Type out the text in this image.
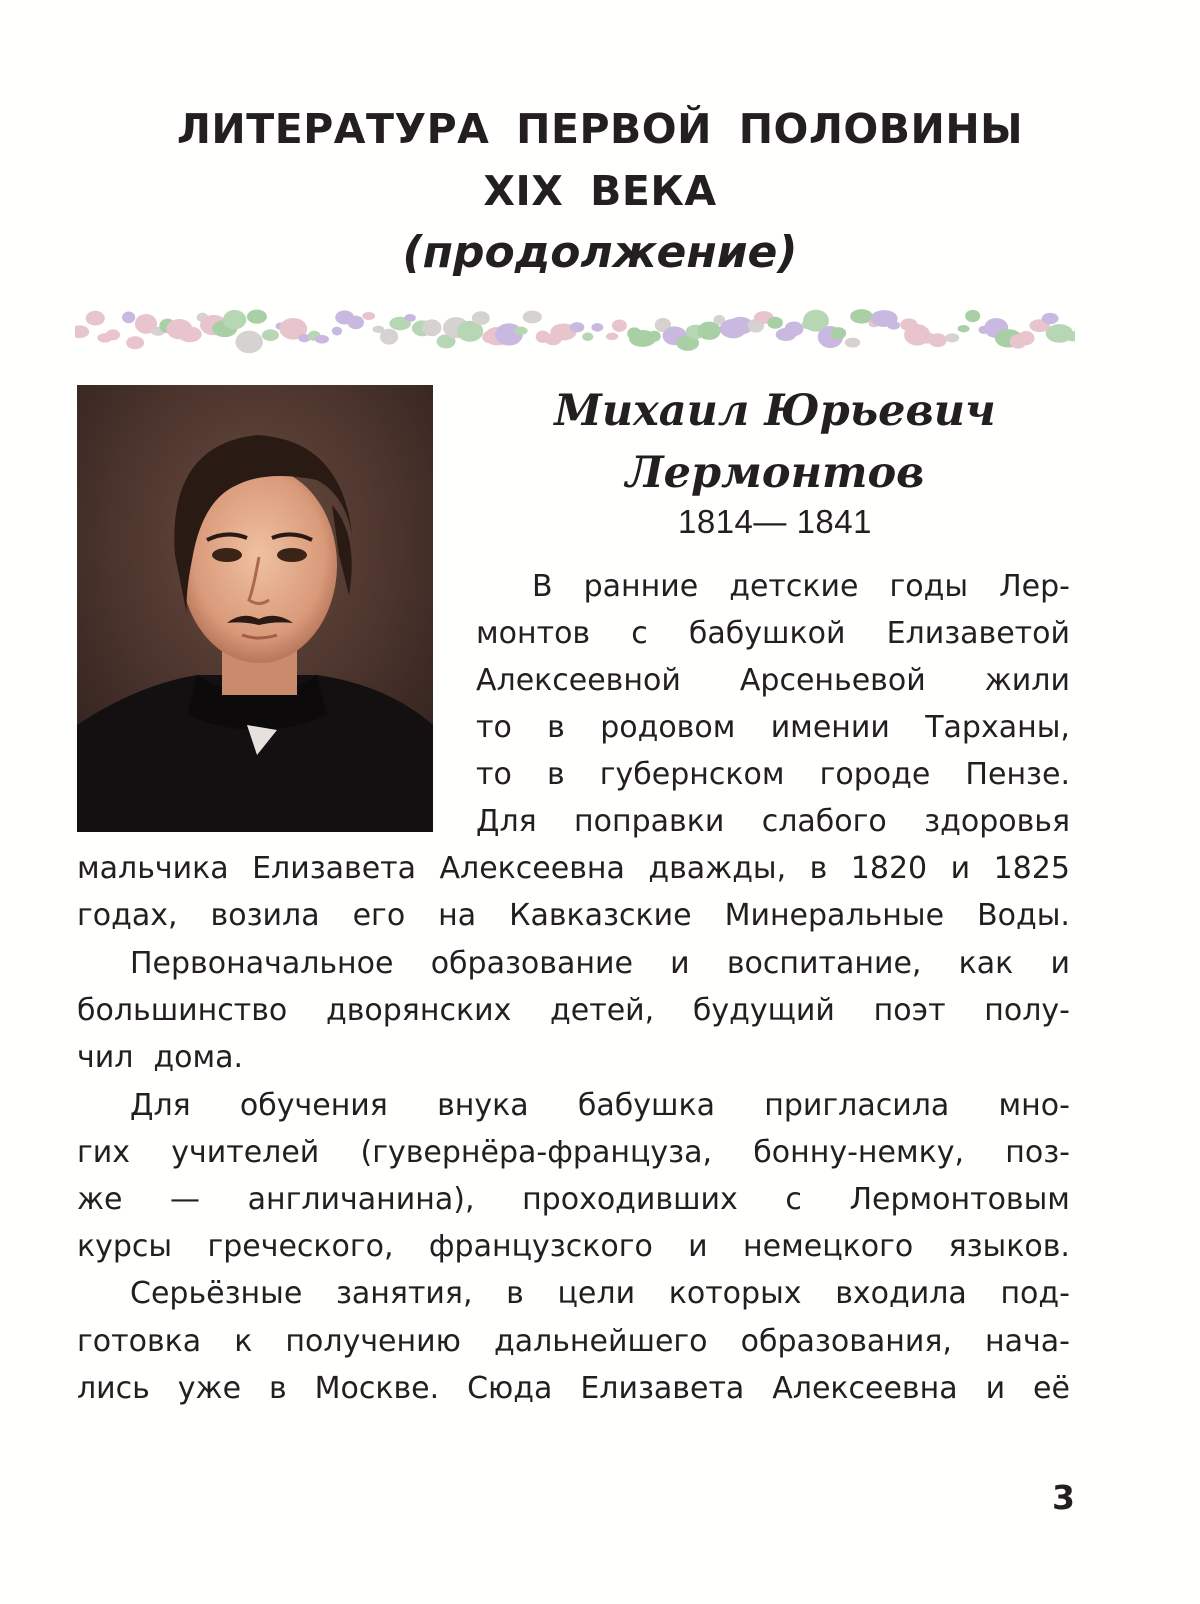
ЛИТЕРАТУРА ПЕРВОЙ ПОЛОВИНЫ
XIX ВЕКА
(продолжение)
Михаил Юрьевич
Лермонтов
1814— 1841
В ранние детские годы Лер-
монтов с бабушкой Елизаветой
Алексеевной Арсеньевой жили
то в родовом имении Тарханы,
то в губернском городе Пензе.
Для поправки слабого здоровья
мальчика Елизавета Алексеевна дважды, в 1820 и 1825
годах, возила его на Кавказские Минеральные Воды.
Первоначальное образование и воспитание, как и
большинство дворянских детей, будущий поэт полу-
чил дома.
Для обучения внука бабушка пригласила мно-
гих учителей (гувернёра-француза, бонну-немку, поз-
же — англичанина), проходивших с Лермонтовым
курсы греческого, французского и немецкого языков.
Серьёзные занятия, в цели которых входила под-
готовка к получению дальнейшего образования, нача-
лись уже в Москве. Сюда Елизавета Алексеевна и её
3
